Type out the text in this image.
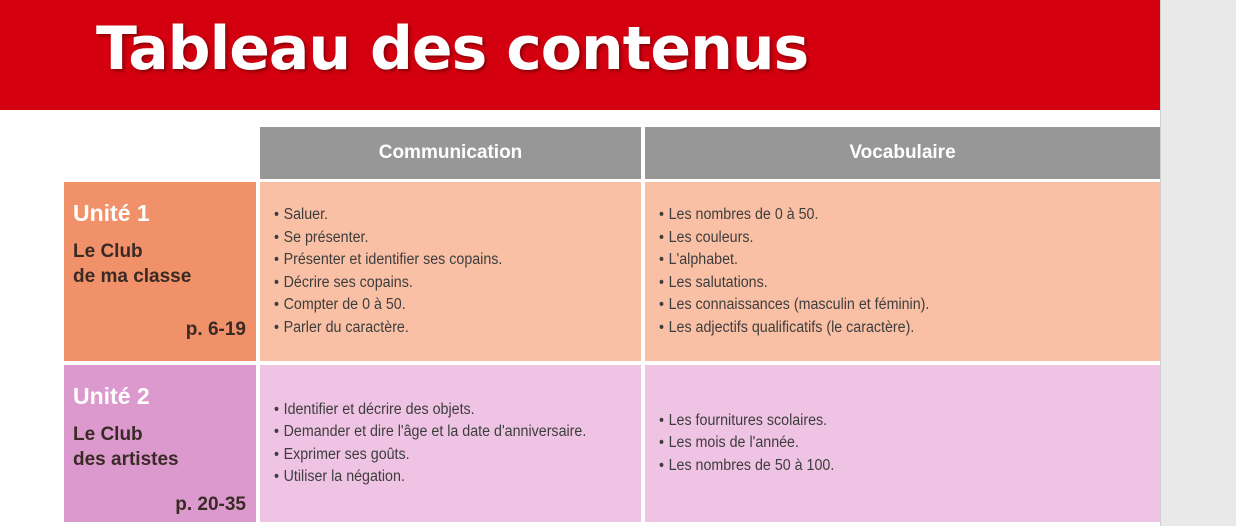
Tableau des contenus
Communication	Vocabulaire
Unité 1
Le Club
de ma classe
p. 6-19
• Saluer.
• Se présenter.
• Présenter et identifier ses copains.
• Décrire ses copains.
• Compter de 0 à 50.
• Parler du caractère.
• Les nombres de 0 à 50.
• Les couleurs.
• L'alphabet.
• Les salutations.
• Les connaissances (masculin et féminin).
• Les adjectifs qualificatifs (le caractère).
Unité 2
Le Club
des artistes
p. 20-35
• Identifier et décrire des objets.
• Demander et dire l'âge et la date d'anniversaire.
• Exprimer ses goûts.
• Utiliser la négation.
• Les fournitures scolaires.
• Les mois de l'année.
• Les nombres de 50 à 100.
